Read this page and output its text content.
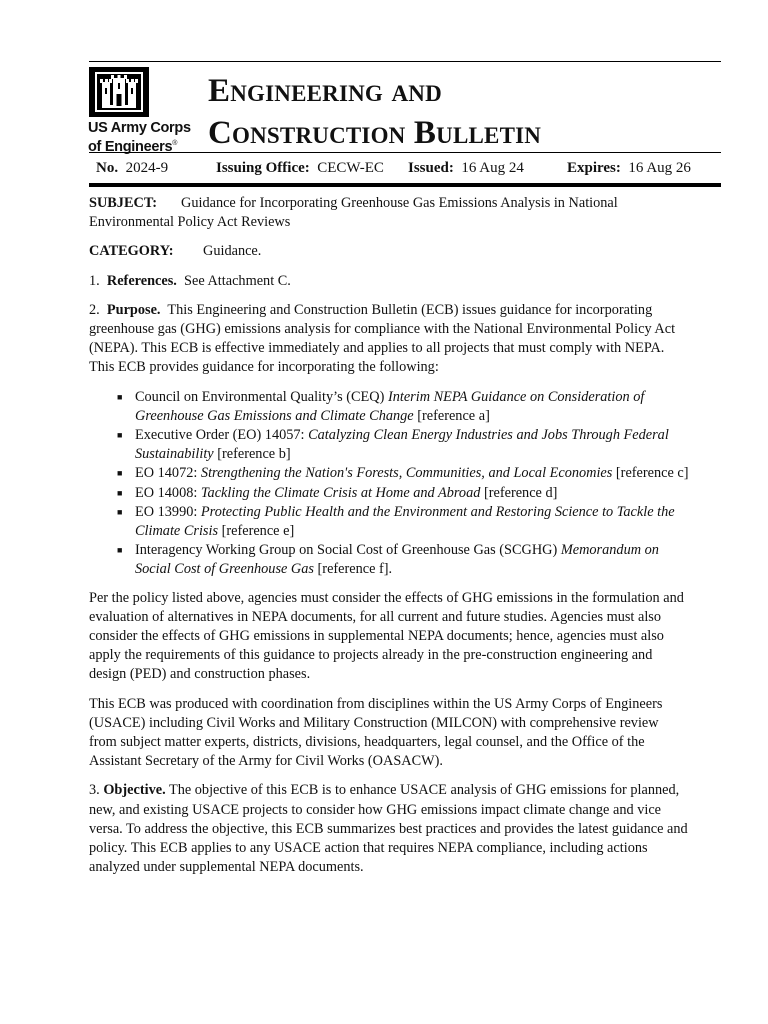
US Army Corps
of Engineers®
Engineering and
Construction Bulletin
No. 2024-9	Issuing Office: CECW-EC Issued: 16 Aug 24	Expires: 16 Aug 26

SUBJECT: Guidance for Incorporating Greenhouse Gas Emissions Analysis in National Environmental Policy Act Reviews

CATEGORY: Guidance.

1. References. See Attachment C.

2. Purpose. This Engineering and Construction Bulletin (ECB) issues guidance for incorporating greenhouse gas (GHG) emissions analysis for compliance with the National Environmental Policy Act (NEPA). This ECB is effective immediately and applies to all projects that must comply with NEPA. This ECB provides guidance for incorporating the following:

■ Council on Environmental Quality’s (CEQ) Interim NEPA Guidance on Consideration of Greenhouse Gas Emissions and Climate Change [reference a]
■ Executive Order (EO) 14057: Catalyzing Clean Energy Industries and Jobs Through Federal Sustainability [reference b]
■ EO 14072: Strengthening the Nation's Forests, Communities, and Local Economies [reference c]
■ EO 14008: Tackling the Climate Crisis at Home and Abroad [reference d]
■ EO 13990: Protecting Public Health and the Environment and Restoring Science to Tackle the Climate Crisis [reference e]
■ Interagency Working Group on Social Cost of Greenhouse Gas (SCGHG) Memorandum on Social Cost of Greenhouse Gas [reference f].

Per the policy listed above, agencies must consider the effects of GHG emissions in the formulation and evaluation of alternatives in NEPA documents, for all current and future studies. Agencies must also consider the effects of GHG emissions in supplemental NEPA documents; hence, agencies must also apply the requirements of this guidance to projects already in the pre-construction engineering and design (PED) and construction phases.

This ECB was produced with coordination from disciplines within the US Army Corps of Engineers (USACE) including Civil Works and Military Construction (MILCON) with comprehensive review from subject matter experts, districts, divisions, headquarters, legal counsel, and the Office of the Assistant Secretary of the Army for Civil Works (OASACW).

3. Objective. The objective of this ECB is to enhance USACE analysis of GHG emissions for planned, new, and existing USACE projects to consider how GHG emissions impact climate change and vice versa. To address the objective, this ECB summarizes best practices and provides the latest guidance and policy. This ECB applies to any USACE action that requires NEPA compliance, including actions analyzed under supplemental NEPA documents.
